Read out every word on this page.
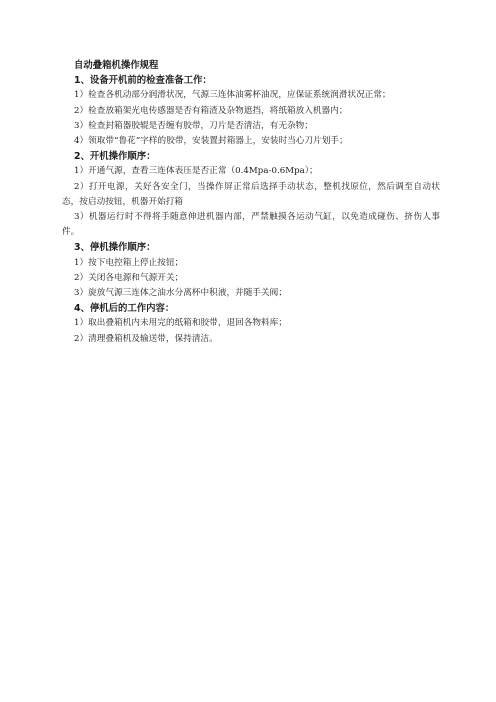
自动叠箱机操作规程

1、设备开机前的检查准备工作：

1）检查各机动部分润滑状况，气源三连体油雾杯油况，应保证系统润滑状况正常；

2）检查放箱架光电传感器是否有箱渣及杂物遮挡，将纸箱放入机器内；

3）检查封箱器胶辊是否缠有胶带，刀片是否清洁，有无杂物；

4）领取带“鲁花”字样的胶带，安装置封箱器上，安装时当心刀片划手；

2、开机操作顺序：

1）开通气源，查看三连体表压是否正常（0.4Mpa-0.6Mpa）；

2）打开电源，关好各安全门，当操作屏正常后选择手动状态，整机找原位，然后调至自动状态，按启动按钮，机器开始打箱

3）机器运行时不得将手随意伸进机器内部，严禁触摸各运动气缸，以免造成碰伤、挤伤人事件。

3、停机操作顺序：

1）按下电控箱上停止按钮；

2）关闭各电源和气源开关；

3）旋放气源三连体之油水分离杯中积液，并随手关阀；

4、停机后的工作内容：

1）取出叠箱机内未用完的纸箱和胶带，退回各物料库；

2）清理叠箱机及输送带，保持清洁。
